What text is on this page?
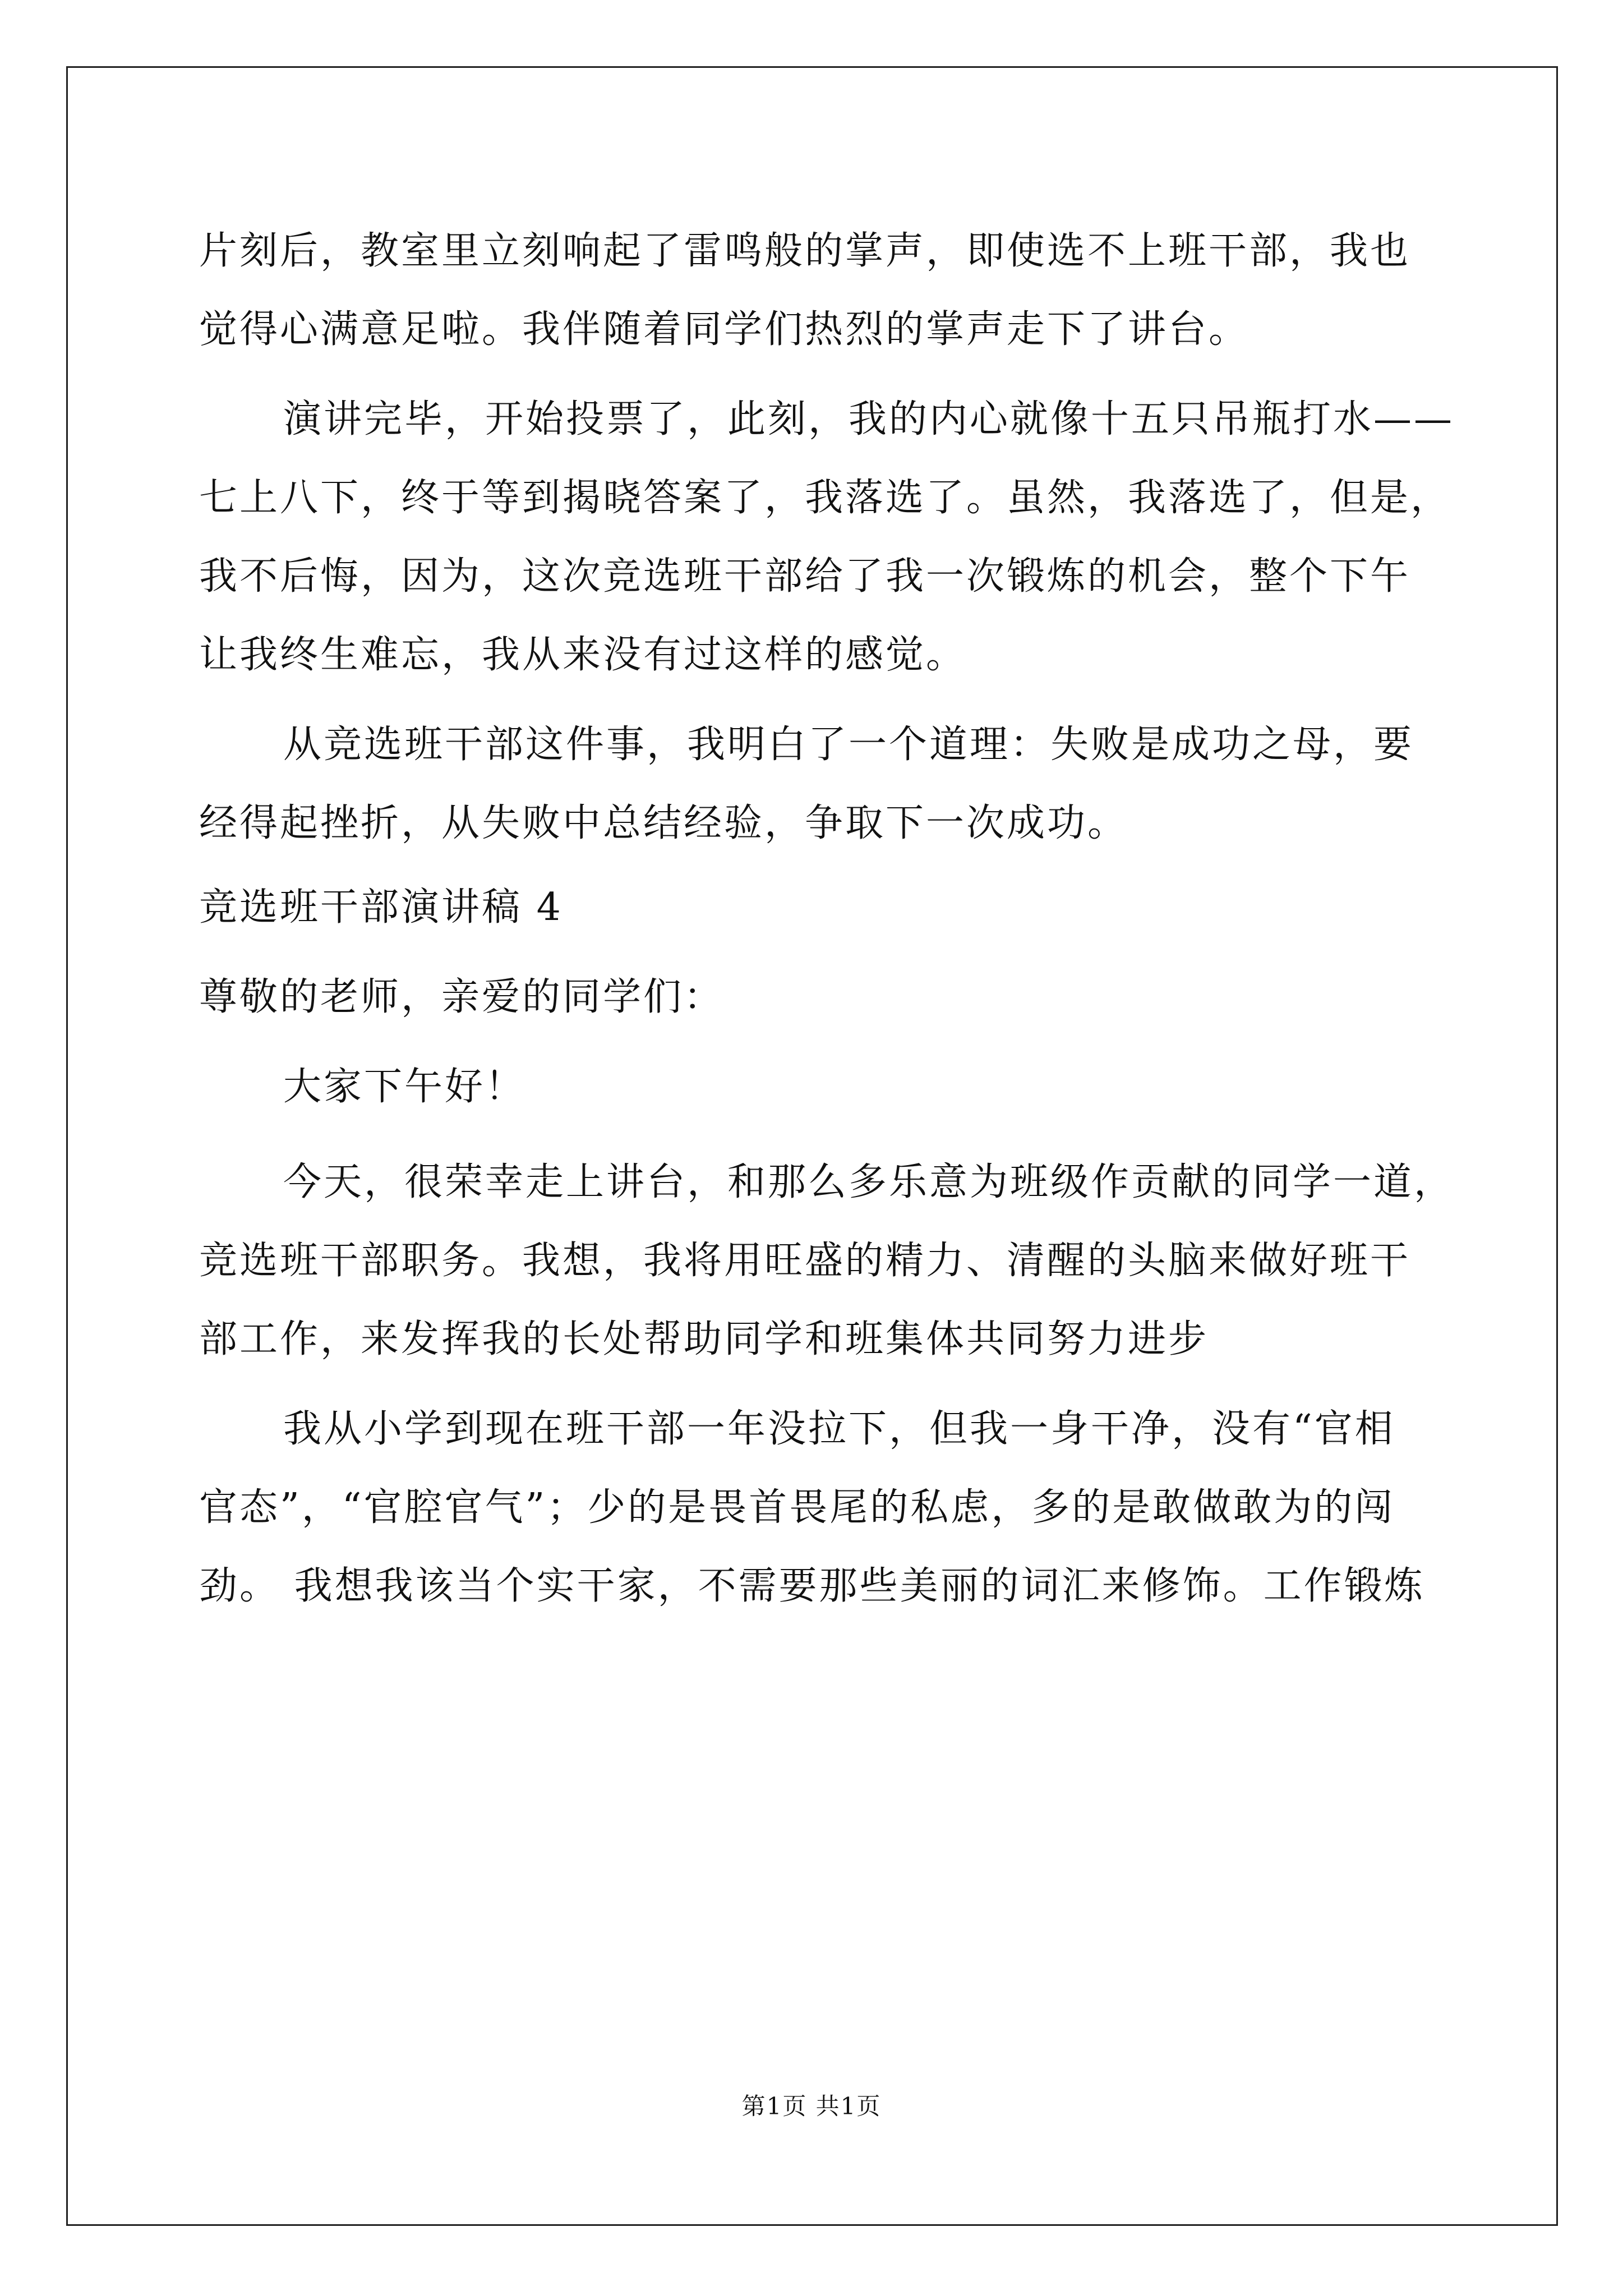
片刻后，教室里立刻响起了雷鸣般的掌声，即使选不上班干部，我也
觉得心满意足啦。我伴随着同学们热烈的掌声走下了讲台。
演讲完毕，开始投票了，此刻，我的内心就像十五只吊瓶打水——
七上八下，终于等到揭晓答案了，我落选了。虽然，我落选了，但是，
我不后悔，因为，这次竞选班干部给了我一次锻炼的机会，整个下午
让我终生难忘，我从来没有过这样的感觉。
从竞选班干部这件事，我明白了一个道理：失败是成功之母，要
经得起挫折，从失败中总结经验，争取下一次成功。
竞选班干部演讲稿 4
尊敬的老师，亲爱的同学们：
大家下午好！
今天，很荣幸走上讲台，和那么多乐意为班级作贡献的同学一道，
竞选班干部职务。我想，我将用旺盛的精力、清醒的头脑来做好班干
部工作，来发挥我的长处帮助同学和班集体共同努力进步
我从小学到现在班干部一年没拉下，但我一身干净，没有“官相
官态”，“官腔官气”；少的是畏首畏尾的私虑，多的是敢做敢为的闯
劲。 我想我该当个实干家，不需要那些美丽的词汇来修饰。工作锻炼
第1页 共1页
